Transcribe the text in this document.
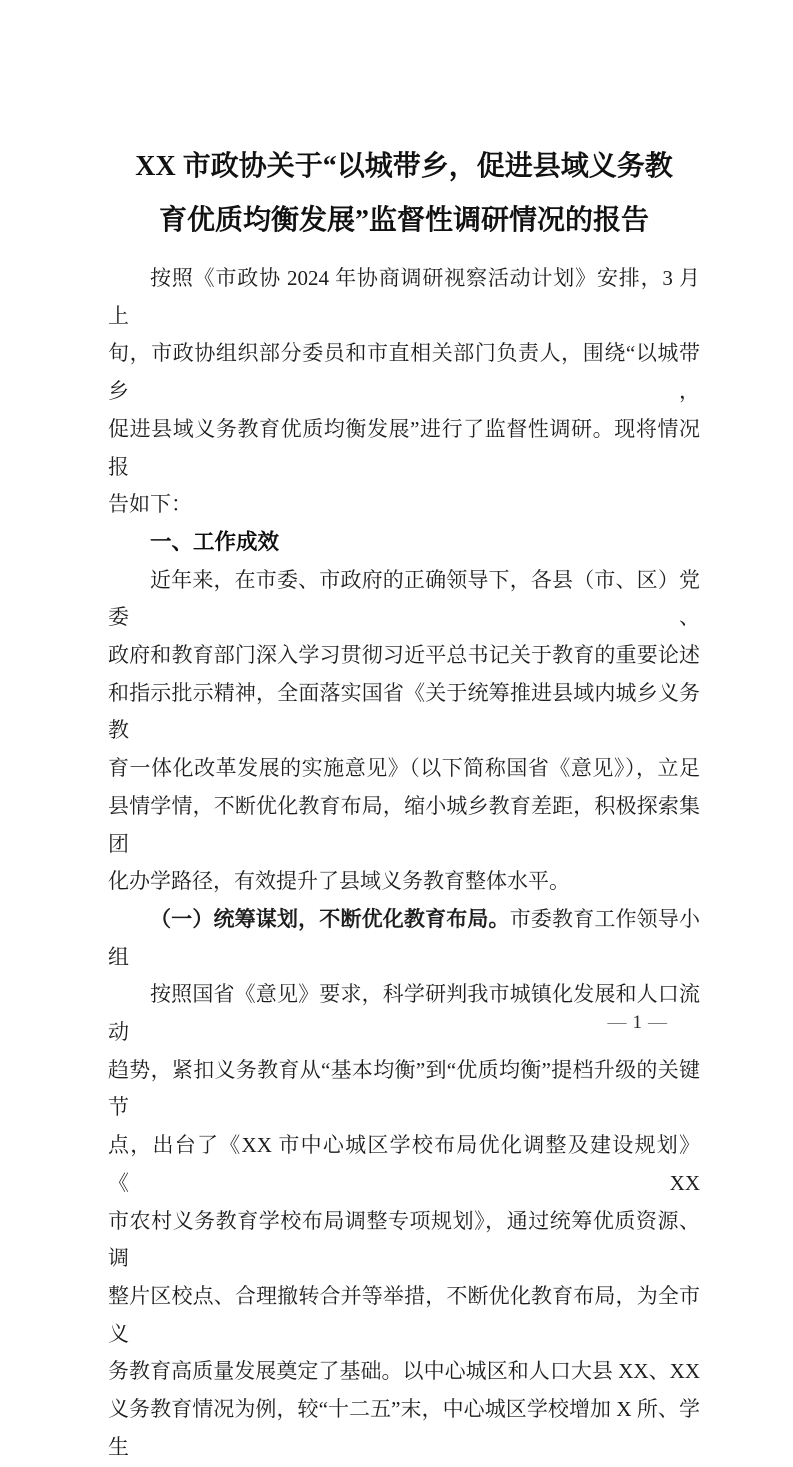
XX 市政协关于“以城带乡，促进县域义务教
育优质均衡发展”监督性调研情况的报告
按照《市政协 2024 年协商调研视察活动计划》安排，3 月上
旬，市政协组织部分委员和市直相关部门负责人，围绕“以城带乡，
促进县域义务教育优质均衡发展”进行了监督性调研。现将情况报
告如下：
一、工作成效
近年来，在市委、市政府的正确领导下，各县（市、区）党委、
政府和教育部门深入学习贯彻习近平总书记关于教育的重要论述
和指示批示精神，全面落实国省《关于统筹推进县域内城乡义务教
育一体化改革发展的实施意见》（以下简称国省《意见》），立足
县情学情，不断优化教育布局，缩小城乡教育差距，积极探索集团
化办学路径，有效提升了县域义务教育整体水平。
（一）统筹谋划，不断优化教育布局。市委教育工作领导小组
按照国省《意见》要求，科学研判我市城镇化发展和人口流动
趋势，紧扣义务教育从“基本均衡”到“优质均衡”提档升级的关键节
点，出台了《XX 市中心城区学校布局优化调整及建设规划》《XX
市农村义务教育学校布局调整专项规划》，通过统筹优质资源、调
整片区校点、合理撤转合并等举措，不断优化教育布局，为全市义
务教育高质量发展奠定了基础。以中心城区和人口大县 XX、XX
义务教育情况为例，较“十二五”末，中心城区学校增加 X 所、学生
— 1 —
